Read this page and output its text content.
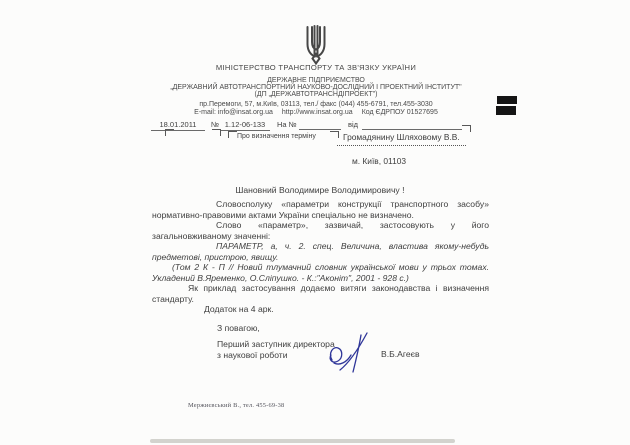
МІНІСТЕРСТВО ТРАНСПОРТУ ТА ЗВ'ЯЗКУ УКРАЇНИ
ДЕРЖАВНЕ ПІДПРИЄМСТВО
„ДЕРЖАВНИЙ АВТОТРАНСПОРТНИЙ НАУКОВО-ДОСЛІДНИЙ І ПРОЕКТНИЙ ІНСТИТУТ"
(ДП „ДЕРЖАВТОТРАНСНДІПРОЕКТ")
пр.Перемоги, 57, м.Київ, 03113, тел./ факс (044) 455-6791, тел.455-3030
E-mail: info@insat.org.ua http://www.insat.org.ua Код ЄДРПОУ 01527695
18.01.2011	№ 1.12-06-133	На №	від
Про визначення терміну	Громадянину Шляховому В.В.
м. Київ, 01103
Шановний Володимире Володимировичу !

Словосполуку «параметри конструкції транспортного засобу» нормативно-правовими актами України спеціально не визначено.

Слово «параметр», зазвичай, застосовують у його загальновживаному значенні:

ПАРАМЕТР, а, ч. 2. спец. Величина, властива якому-небудь предметові, пристрою, явищу.

(Том 2 К - П // Новий тлумачний словник української мови у трьох томах. Укладений В.Яременко, О.Сліпушко. - К.:"Аконіт", 2001 - 928 с.)

Як приклад застосування додаємо витяги законодавства і визначення стандарту.

Додаток на 4 арк.

З повагою,
Перший заступник директора
з наукової роботи	В.Б.Агеєв
Мержиєвський В., тел. 455-69-38
